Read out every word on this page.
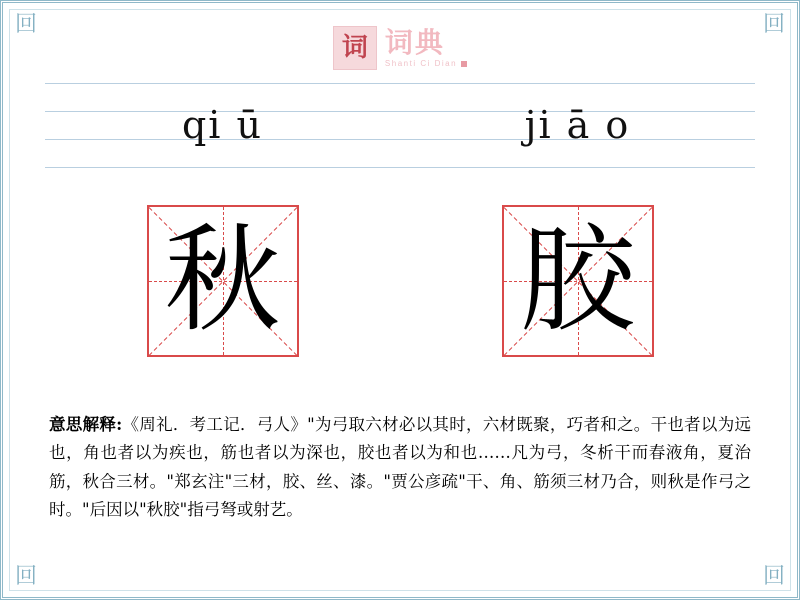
回	回
回	回
词 词典
Shanti Ci Dian
qi ū	ji ā o
秋 胶
意思解释:《周礼．考工记．弓人》"为弓取六材必以其时，六材既聚，巧者和之。干也者以为远也，角也者以为疾也，筋也者以为深也，胶也者以为和也……凡为弓，冬析干而春液角，夏治筋，秋合三材。"郑玄注"三材，胶、丝、漆。"贾公彦疏"干、角、筋须三材乃合，则秋是作弓之时。"后因以"秋胶"指弓弩或射艺。
